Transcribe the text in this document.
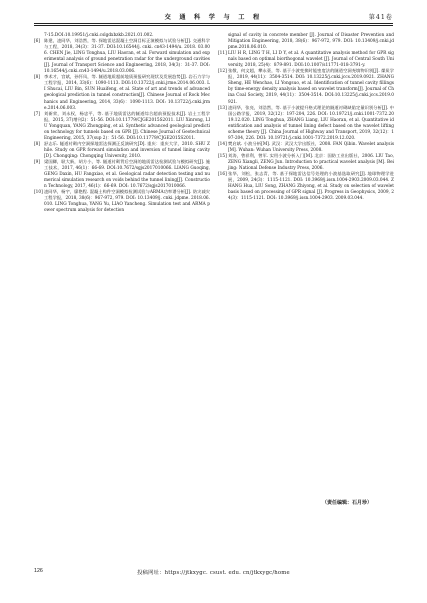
交 通 科 学 与 工 程	第41卷

7-15.DOI:10.19951/j.cnki.cslgdxbzkb.2021.01.002.

[6] 陈建，凌同华，刘浩然，等. 探地雷达混凝土空洞目标正演模拟与试验分析[J]. 交通科学与工程，2018, 34(3)：31-37. DOI:10.16544/j. cnki. cn43-1494/u. 2018. 03.006. CHEN Jie, LING Tonghua, LIU Haoran, et al. Forward simulation and experimental analysis of ground penetration radar for the underground cavities[J]. Journal of Transport Science and Engineering, 2018, 34(3)：31-37. DOI:10.16544/j.cnki.cn43-1494/u.2018.03.006.

[8] 李术才，宫斌，孙怀凤，等. 隧道地质超前地质预报研究现状及发展趋势[J]. 岩石力学与工程学报，2014, 33(6)：1090-1113. DOI:10.13722/j.cnki.jrme.2014.06.003. LI Shucai, LIU Bin, SUN Huaifeng, et al. State of art and trends of advanced geological prediction in tunnel construction[J]. Chinese Journal of Rock Mechanics and Engineering, 2014, 33(6)：1090-1113. DOI: 10.13722/j.cnki.jrme.2014.06.003.

[7] 刘新荣，刘永权，杨忠平，等. 基于地质雷达的隧道综合超前预报技术[J]. 岩土工程学报，2015, 37(增刊2)：51-56. DOI:10.11779/CJGE2015S2011. LIU Xinrong, LIU Yongquan, YANG Zhongping, et al. Synthetic advanced geological prediction technology for tunnels based on GPR [J]. Chinese Journal of Geotechnical Engineering, 2015, 37(sup 2)：51-56. DOI:10.11779/CJGE2015S2011.

[8] 舒志乐. 隧道衬砌内空洞探地雷达探测正反演研究[D]. 重庆：重庆大学，2010. SHU Zhile. Study on GPR forward simulation and inversion of tunnel lining cavity [D]. Chongqing: Chongqing University, 2010.

[9] 梁国卿，耿大新，胡方小，等. 隧道衬砌背后空洞的地质雷达检测试验与模拟研究[J]. 施工技术，2017, 46(1)：66-69. DOI:10.7672/sgjs2017010066. LIANG Guoqing, GENG Daxin, HU Fangxiao, et al. Geological radar detection testing and numerical simulation research on voids behind the tunnel lining[J]. Construction Technology, 2017, 46(1)：66-69. DOI: 10.7672/sgjs2017010066.

[10] 凌同华，杨宇，廖艳程. 混凝土构件空洞模拟检测试验与ARMA功率谱分析[J]. 防灾减灾工程学报，2018, 38(6)：967-972, 979. DOI: 10.13409/j. cnki. jdpme. 2018.06.010. LING Tonghua, YANG Yu, LIAO Yancheng. Simulation test and ARMA power spectrum analysis for detection

signal of cavity in concrete member [J]. Journal of Disaster Prevention and Mitigation Engineering, 2018, 38(6)：967-972, 979. DOI: 10.13409/j.cnki.jdpme.2018.06.010.

[11] LIU H R, LING T H, LI D Y, et al. A quantitative analysis method for GPR signals based on optimal biorthogonal wavelet [J]. Journal of Central South University, 2018, 25(4)：879-891. DOI:10.1007/s11771-018-3791-y.

[12] 张敬，何文超，攀永豪，等. 基于小波变换时能密度法的隧道空洞充填物识别[J]. 煤炭学报，2019, 44(11)：3504-3514. DOI: 10.13225/j.cnki.jccs.2019.0921. ZHANG Sheng, HE Wenchao, LI Yongsuo, et al. Identification of tunnel cavity fillings by time-energy density analysis based on wavelet transform[J]. Journal of China Coal Society, 2019, 44(11)：3504-3514. DOI:10.13225/j.cnki.jccs.2019.0921.

[13] 凌同华，张亮，刘浩然，等. 基于小波提升格式理论的隧道衬砌缺陷定量识别分析[J]. 中国公路学报，2019, 32(12)：197-204, 226. DOI: 10.19721/j.cnki.1001-7372.2019.12.020. LING Tonghua, ZHANG Liang, LIU Haoran, et al. Quantitative identification and analysis of tunnel lining defect based on the wavelet lifting scheme theory [J]. China Journal of Highway and Transport, 2019, 32(12)：197-204, 226. DOI: 10.19721/j.cnki.1001-7372.2019.12.020.

[14] 樊启斌. 小波分析[M]. 武汉：武汉大学出版社，2008. FAN Qibin. Wavelet analysis [M]. Wuhan: Wuhan University Press, 2008.

[15] 刘涛，曾祥利，曾军. 实用小波分析入门[M]. 北京：国防工业出版社，2006. LIU Tao, ZENG Xiangli, ZENG Jun. Introduction to practical wavelet analysis [M]. Beijing: National Defense Industry Press, 2006.

[16] 张华，刘松，张志青，等. 基于探地雷达信号处理的小波基选取研究[J]. 地球物理学进展，2009, 24(3)：1115-1121. DOI: 10.3969/j.issn.1004-2903.2009.03.044. ZHANG Hua, LIU Song, ZHANG Zhiyong, et al. Study on selection of wavelet basis based on processing of GPR signal [J]. Progress in Geophysics, 2009, 24(3)：1115-1121. DOI: 10.3969/j.issn.1004-2903. 2009.03.044.

（责任编辑：石月珍）
126	投稿网址：https://jtkxygc. csust. edu. cn/jtkxygc/home
